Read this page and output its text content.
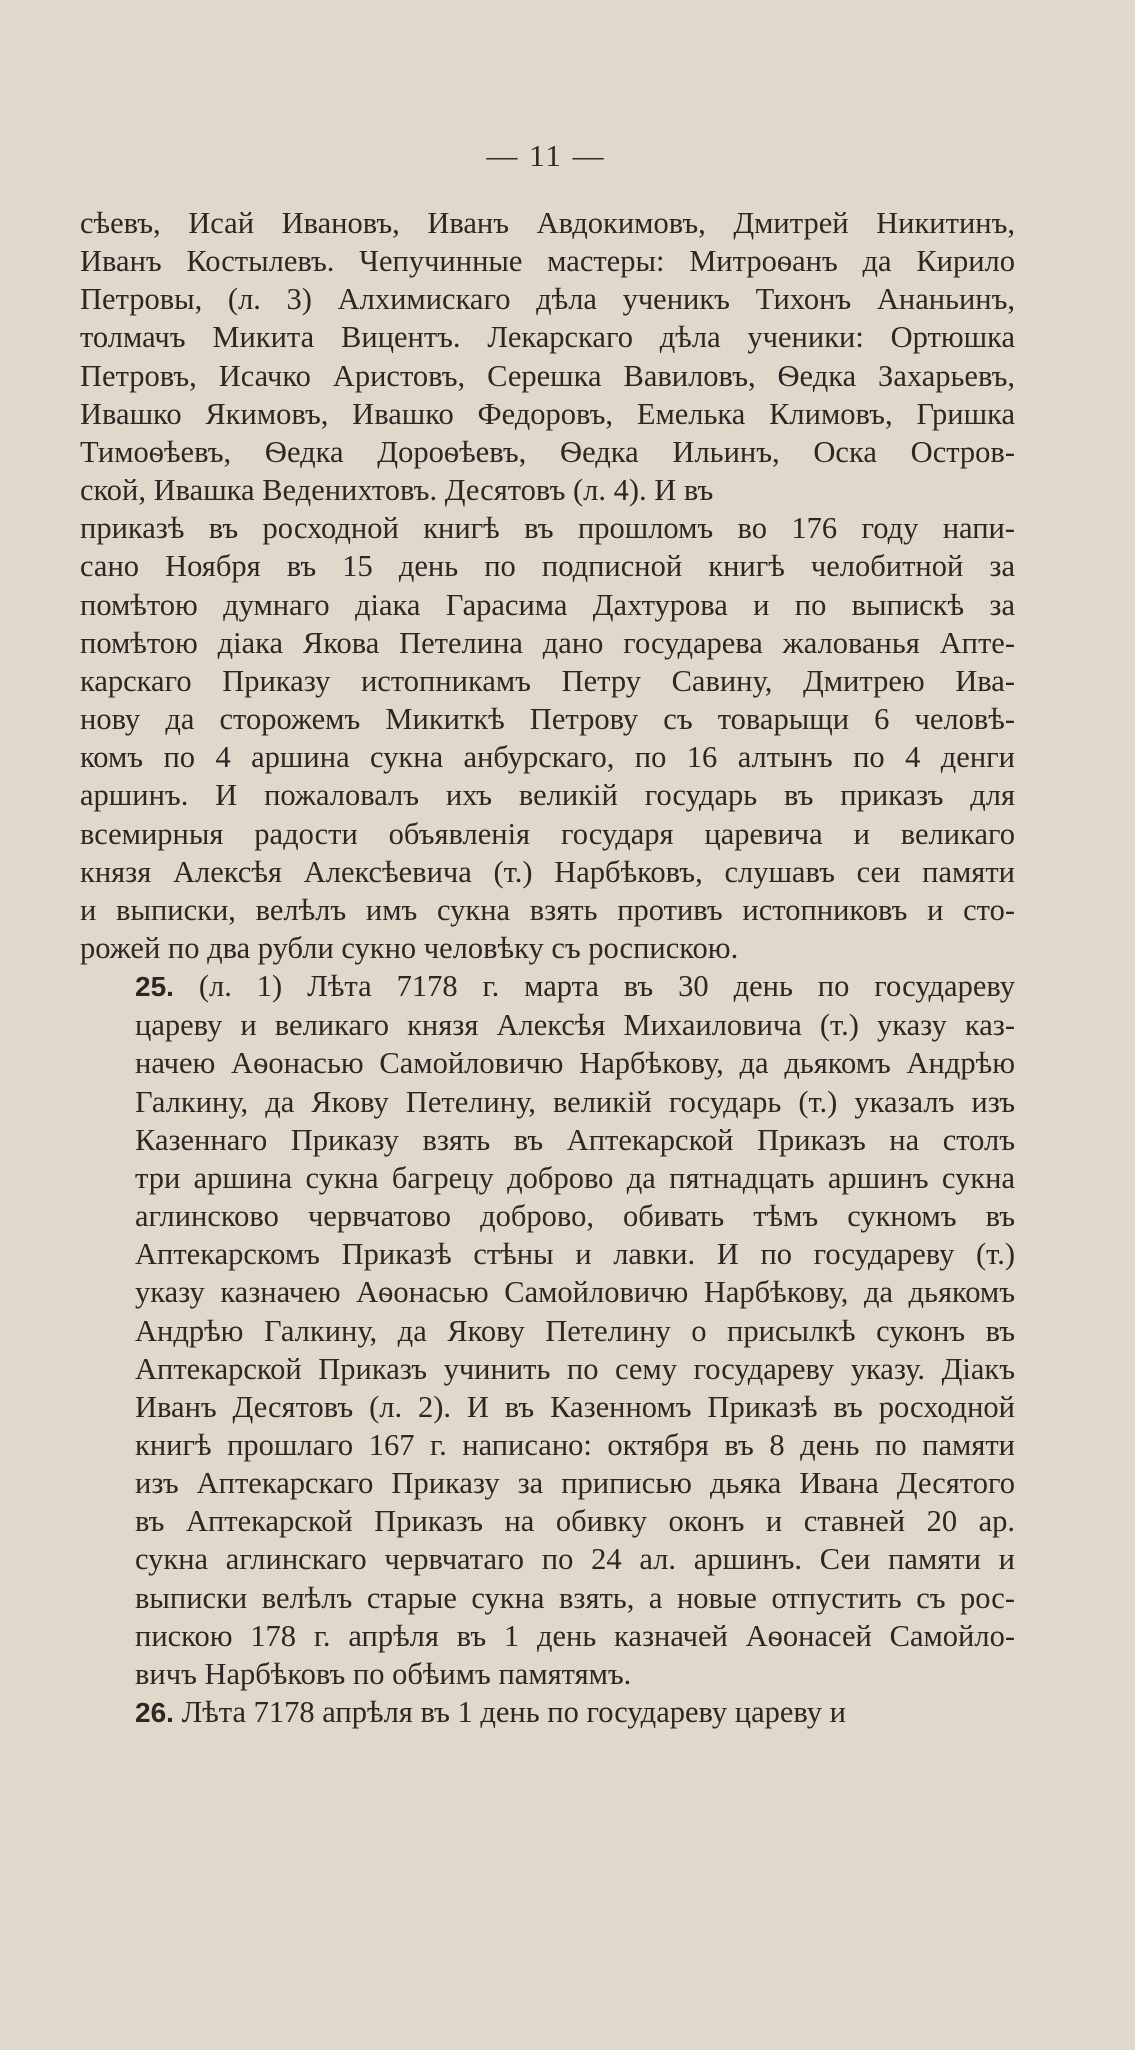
— 11 —

сѣевъ, Исай Ивановъ, Иванъ Авдокимовъ, Дмитрей Никитинъ,
Иванъ Костылевъ. Чепучинные мастеры: Митроѳанъ да Кирило
Петровы, (л. 3) Алхимискаго дѣла ученикъ Тихонъ Ананьинъ,
толмачъ Микита Вицентъ. Лекарскаго дѣла ученики: Ортюшка
Петровъ, Исачко Аристовъ, Серешка Вавиловъ, Ѳедка Захарьевъ,
Ивашко Якимовъ, Ивашко Федоровъ, Емелька Климовъ, Гришка
Тимоѳѣевъ, Ѳедка Дороѳѣевъ, Ѳедка Ильинъ, Оска Остров-
ской, Ивашка Веденихтовъ. Десятовъ (л. 4). И въ

приказѣ въ росходной книгѣ въ прошломъ во 176 году напи-
сано Ноября въ 15 день по подписной книгѣ челобитной за
помѣтою думнаго діака Гарасима Дахтурова и по выпискѣ за
помѣтою діака Якова Петелина дано государева жалованья Апте-
карскаго Приказу истопникамъ Петру Савину, Дмитрею Ива-
нову да сторожемъ Микиткѣ Петрову съ товарыщи 6 человѣ-
комъ по 4 аршина сукна анбурскаго, по 16 алтынъ по 4 денги
аршинъ. И пожаловалъ ихъ великій государь въ приказъ для
всемирныя радости объявленія государя царевича и великаго
князя Алексѣя Алексѣевича (т.) Нарбѣковъ, слушавъ сеи памяти
и выписки, велѣлъ имъ сукна взять противъ истопниковъ и сто-
рожей по два рубли сукно человѣку съ роспискою.

25. (л. 1) Лѣта 7178 г. марта въ 30 день по государеву
цареву и великаго князя Алексѣя Михаиловича (т.) указу каз-
начею Аѳонасью Самойловичю Нарбѣкову, да дьякомъ Андрѣю
Галкину, да Якову Петелину, великій государь (т.) указалъ изъ
Казеннаго Приказу взять въ Аптекарской Приказъ на столъ
три аршина сукна багрецу доброво да пятнадцать аршинъ сукна
аглинсково червчатово доброво, обивать тѣмъ сукномъ въ
Аптекарскомъ Приказѣ стѣны и лавки. И по государеву (т.)
указу казначею Аѳонасью Самойловичю Нарбѣкову, да дьякомъ
Андрѣю Галкину, да Якову Петелину о присылкѣ суконъ въ
Аптекарской Приказъ учинить по сему государеву указу. Діакъ
Иванъ Десятовъ (л. 2). И въ Казенномъ Приказѣ въ росходной
книгѣ прошлаго 167 г. написано: октября въ 8 день по памяти
изъ Аптекарскаго Приказу за приписью дьяка Ивана Десятого
въ Аптекарской Приказъ на обивку оконъ и ставней 20 ар.
сукна аглинскаго червчатаго по 24 ал. аршинъ. Сеи памяти и
выписки велѣлъ старые сукна взять, а новые отпустить съ рос-
пискою 178 г. апрѣля въ 1 день казначей Аѳонасей Самойло-
вичъ Нарбѣковъ по обѣимъ памятямъ.

26. Лѣта 7178 апрѣля въ 1 день по государеву цареву и
